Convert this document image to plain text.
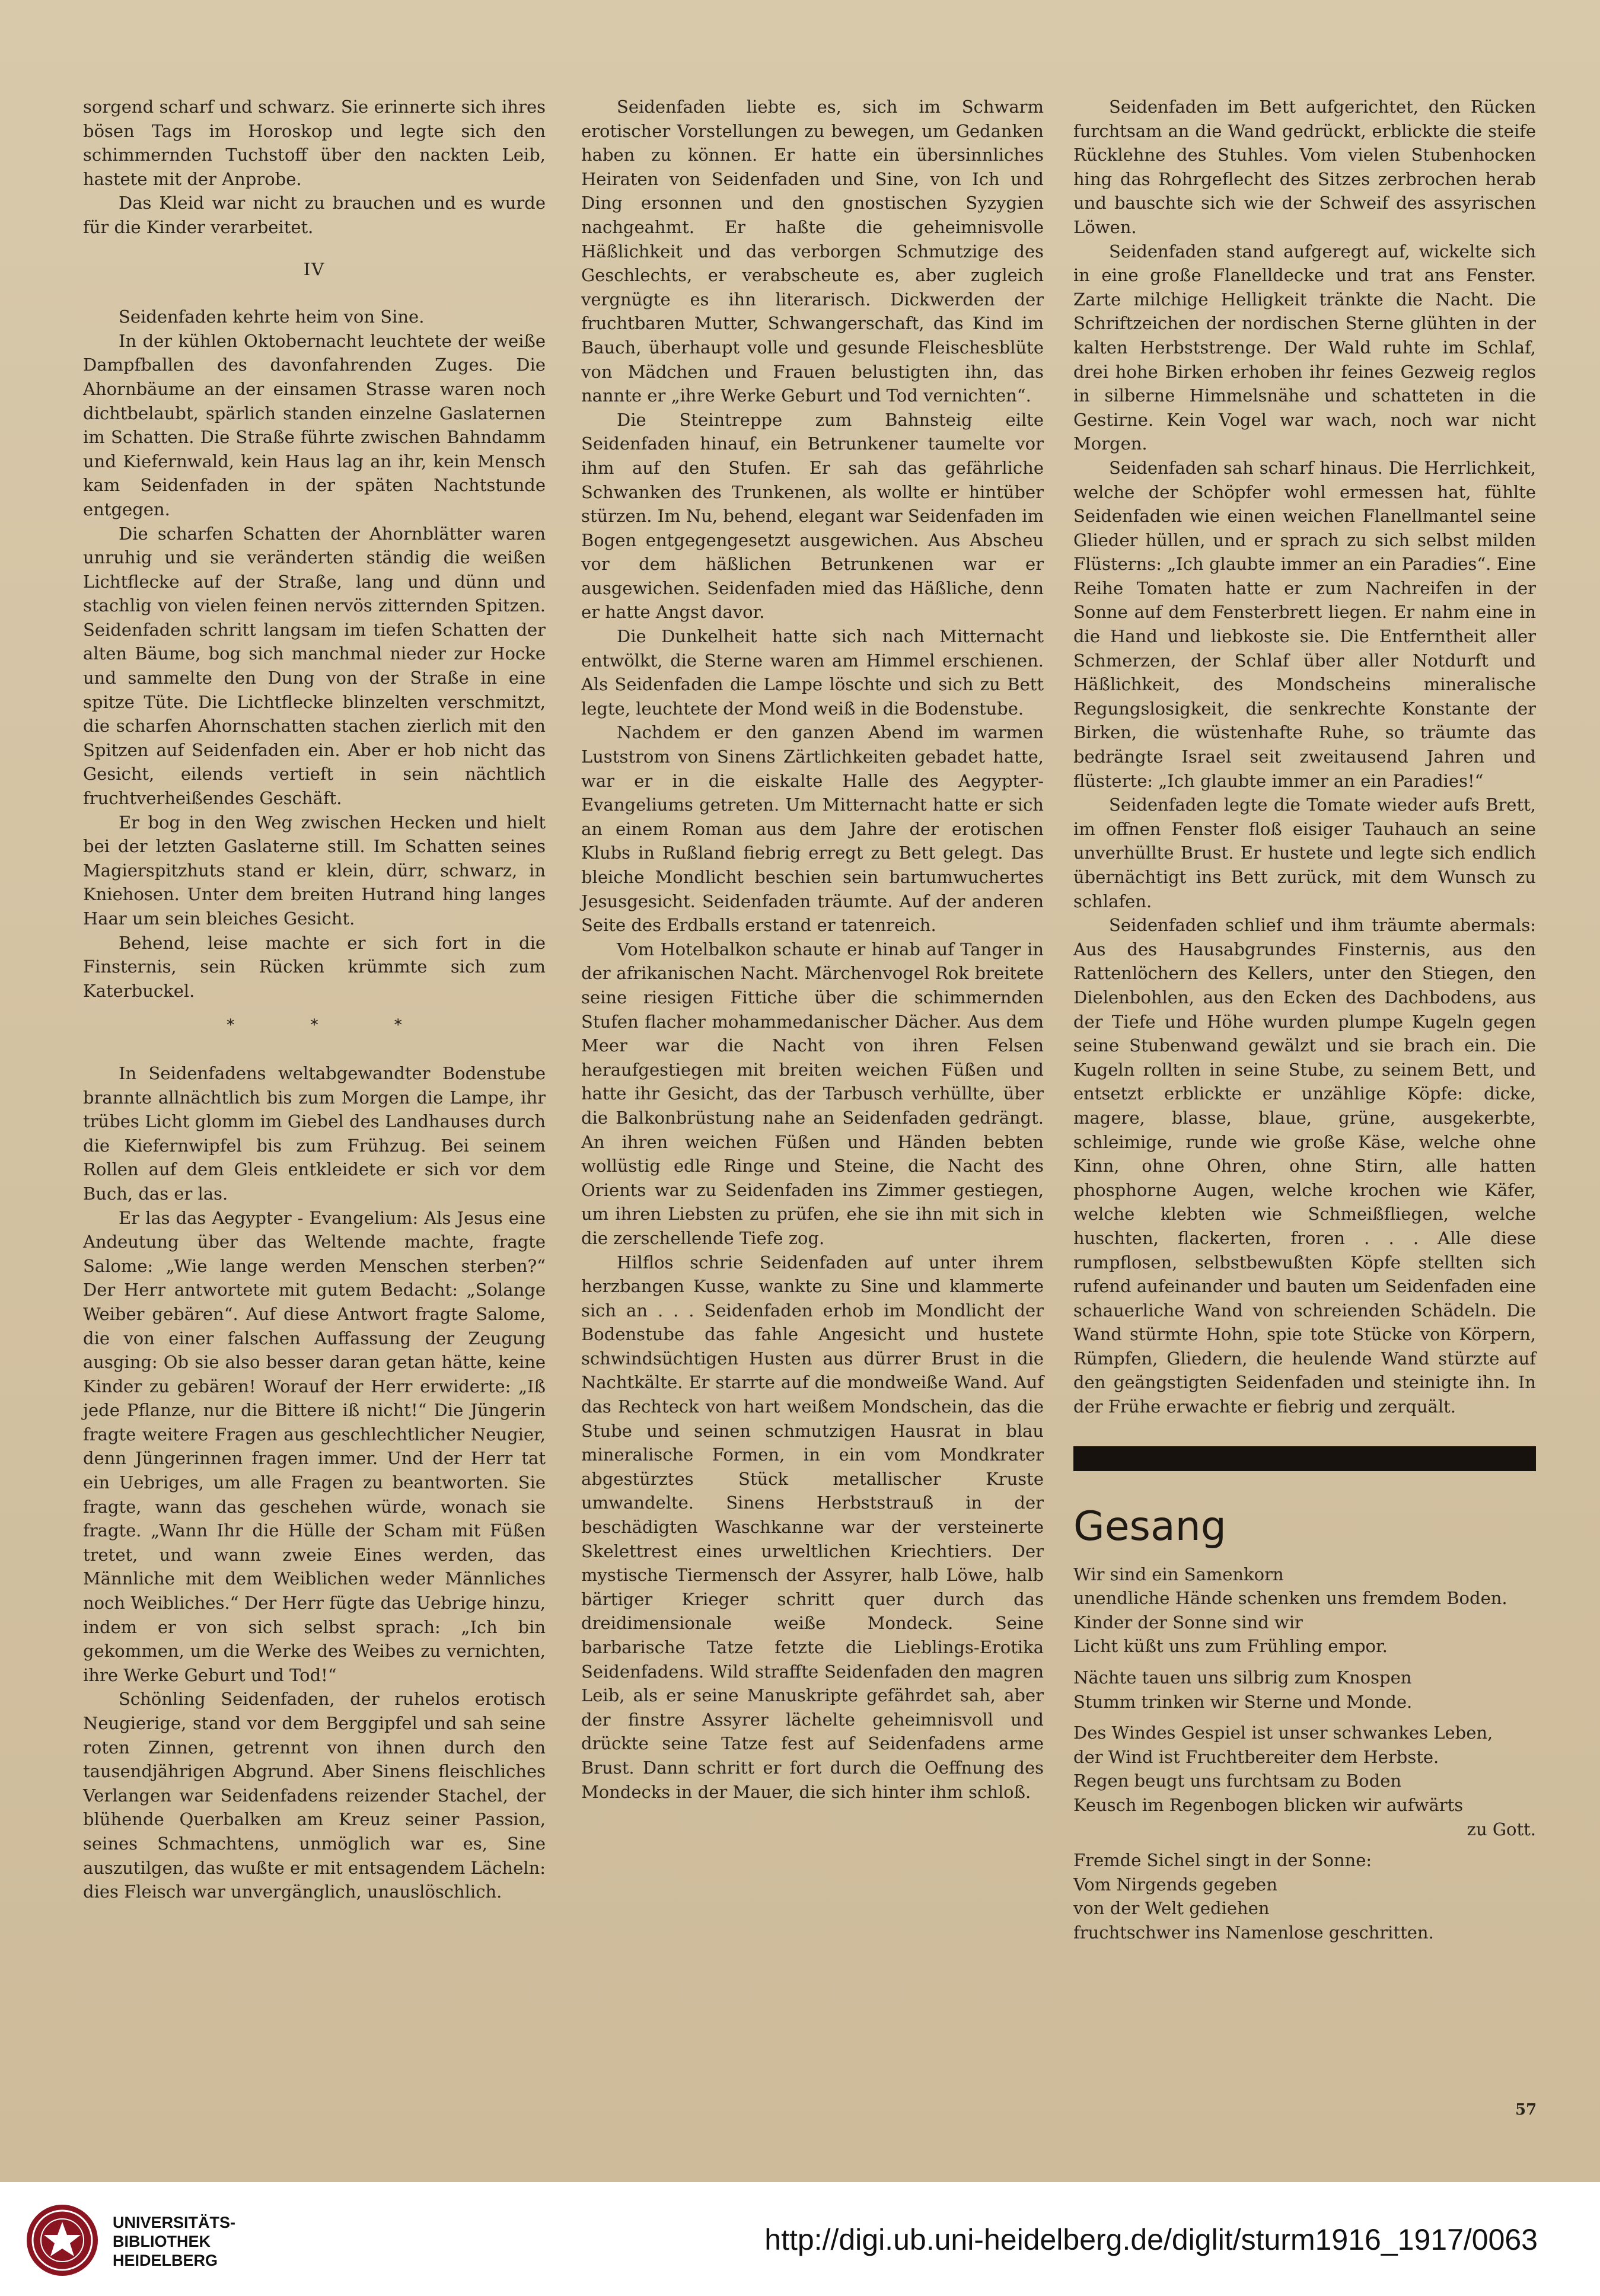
sorgend scharf und schwarz. Sie erinnerte sich ihres bösen Tags im Horoskop und legte sich den schimmernden Tuchstoff über den nackten Leib, hastete mit der Anprobe.

Das Kleid war nicht zu brauchen und es wurde für die Kinder verarbeitet.

IV

Seidenfaden kehrte heim von Sine.

In der kühlen Oktobernacht leuchtete der weiße Dampfballen des davonfahrenden Zuges. Die Ahornbäume an der einsamen Strasse waren noch dichtbelaubt, spärlich standen einzelne Gaslaternen im Schatten. Die Straße führte zwischen Bahndamm und Kiefernwald, kein Haus lag an ihr, kein Mensch kam Seidenfaden in der späten Nachtstunde entgegen.

Die scharfen Schatten der Ahornblätter waren unruhig und sie veränderten ständig die weißen Lichtflecke auf der Straße, lang und dünn und stachlig von vielen feinen nervös zitternden Spitzen. Seidenfaden schritt langsam im tiefen Schatten der alten Bäume, bog sich manchmal nieder zur Hocke und sammelte den Dung von der Straße in eine spitze Tüte. Die Lichtflecke blinzelten verschmitzt, die scharfen Ahornschatten stachen zierlich mit den Spitzen auf Seidenfaden ein. Aber er hob nicht das Gesicht, eilends vertieft in sein nächtlich fruchtverheißendes Geschäft.

Er bog in den Weg zwischen Hecken und hielt bei der letzten Gaslaterne still. Im Schatten seines Magierspitzhuts stand er klein, dürr, schwarz, in Kniehosen. Unter dem breiten Hutrand hing langes Haar um sein bleiches Gesicht.

Behend, leise machte er sich fort in die Finsternis, sein Rücken krümmte sich zum Katerbuckel.

* * *

In Seidenfadens weltabgewandter Bodenstube brannte allnächtlich bis zum Morgen die Lampe, ihr trübes Licht glomm im Giebel des Landhauses durch die Kiefernwipfel bis zum Frühzug. Bei seinem Rollen auf dem Gleis entkleidete er sich vor dem Buch, das er las.

Er las das Aegypter - Evangelium: Als Jesus eine Andeutung über das Weltende machte, fragte Salome: „Wie lange werden Menschen sterben?“ Der Herr antwortete mit gutem Bedacht: „Solange Weiber gebären“. Auf diese Antwort fragte Salome, die von einer falschen Auffassung der Zeugung ausging: Ob sie also besser daran getan hätte, keine Kinder zu gebären! Worauf der Herr erwiderte: „Iß jede Pflanze, nur die Bittere iß nicht!“ Die Jüngerin fragte weitere Fragen aus geschlechtlicher Neugier, denn Jüngerinnen fragen immer. Und der Herr tat ein Uebriges, um alle Fragen zu beantworten. Sie fragte, wann das geschehen würde, wonach sie fragte. „Wann Ihr die Hülle der Scham mit Füßen tretet, und wann zweie Eines werden, das Männliche mit dem Weiblichen weder Männliches noch Weibliches.“ Der Herr fügte das Uebrige hinzu, indem er von sich selbst sprach: „Ich bin gekommen, um die Werke des Weibes zu vernichten, ihre Werke Geburt und Tod!“

Schönling Seidenfaden, der ruhelos erotisch Neugierige, stand vor dem Berggipfel und sah seine roten Zinnen, getrennt von ihnen durch den tausendjährigen Abgrund. Aber Sinens fleischliches Verlangen war Seidenfadens reizender Stachel, der blühende Querbalken am Kreuz seiner Passion, seines Schmachtens, unmöglich war es, Sine auszutilgen, das wußte er mit entsagendem Lächeln: dies Fleisch war unvergänglich, unauslöschlich.

Seidenfaden liebte es, sich im Schwarm erotischer Vorstellungen zu bewegen, um Gedanken haben zu können. Er hatte ein übersinnliches Heiraten von Seidenfaden und Sine, von Ich und Ding ersonnen und den gnostischen Syzygien nachgeahmt. Er haßte die geheimnisvolle Häßlichkeit und das verborgen Schmutzige des Geschlechts, er verabscheute es, aber zugleich vergnügte es ihn literarisch. Dickwerden der fruchtbaren Mutter, Schwangerschaft, das Kind im Bauch, überhaupt volle und gesunde Fleischesblüte von Mädchen und Frauen belustigten ihn, das nannte er „ihre Werke Geburt und Tod vernichten“.

Die Steintreppe zum Bahnsteig eilte Seidenfaden hinauf, ein Betrunkener taumelte vor ihm auf den Stufen. Er sah das gefährliche Schwanken des Trunkenen, als wollte er hintüber stürzen. Im Nu, behend, elegant war Seidenfaden im Bogen entgegengesetzt ausgewichen. Aus Abscheu vor dem häßlichen Betrunkenen war er ausgewichen. Seidenfaden mied das Häßliche, denn er hatte Angst davor.

Die Dunkelheit hatte sich nach Mitternacht entwölkt, die Sterne waren am Himmel erschienen. Als Seidenfaden die Lampe löschte und sich zu Bett legte, leuchtete der Mond weiß in die Bodenstube.

Nachdem er den ganzen Abend im warmen Luststrom von Sinens Zärtlichkeiten gebadet hatte, war er in die eiskalte Halle des Aegypter-Evangeliums getreten. Um Mitternacht hatte er sich an einem Roman aus dem Jahre der erotischen Klubs in Rußland fiebrig erregt zu Bett gelegt. Das bleiche Mondlicht beschien sein bartumwuchertes Jesusgesicht. Seidenfaden träumte. Auf der anderen Seite des Erdballs erstand er tatenreich.

Vom Hotelbalkon schaute er hinab auf Tanger in der afrikanischen Nacht. Märchenvogel Rok breitete seine riesigen Fittiche über die schimmernden Stufen flacher mohammedanischer Dächer. Aus dem Meer war die Nacht von ihren Felsen heraufgestiegen mit breiten weichen Füßen und hatte ihr Gesicht, das der Tarbusch verhüllte, über die Balkonbrüstung nahe an Seidenfaden gedrängt. An ihren weichen Füßen und Händen bebten wollüstig edle Ringe und Steine, die Nacht des Orients war zu Seidenfaden ins Zimmer gestiegen, um ihren Liebsten zu prüfen, ehe sie ihn mit sich in die zerschellende Tiefe zog.

Hilflos schrie Seidenfaden auf unter ihrem herzbangen Kusse, wankte zu Sine und klammerte sich an . . . Seidenfaden erhob im Mondlicht der Bodenstube das fahle Angesicht und hustete schwindsüchtigen Husten aus dürrer Brust in die Nachtkälte. Er starrte auf die mondweiße Wand. Auf das Rechteck von hart weißem Mondschein, das die Stube und seinen schmutzigen Hausrat in blau mineralische Formen, in ein vom Mondkrater abgestürztes Stück metallischer Kruste umwandelte. Sinens Herbststrauß in der beschädigten Waschkanne war der versteinerte Skelettrest eines urweltlichen Kriechtiers. Der mystische Tiermensch der Assyrer, halb Löwe, halb bärtiger Krieger schritt quer durch das dreidimensionale weiße Mondeck. Seine barbarische Tatze fetzte die Lieblings-Erotika Seidenfadens. Wild straffte Seidenfaden den magren Leib, als er seine Manuskripte gefährdet sah, aber der finstre Assyrer lächelte geheimnisvoll und drückte seine Tatze fest auf Seidenfadens arme Brust. Dann schritt er fort durch die Oeffnung des Mondecks in der Mauer, die sich hinter ihm schloß.

Seidenfaden im Bett aufgerichtet, den Rücken furchtsam an die Wand gedrückt, erblickte die steife Rücklehne des Stuhles. Vom vielen Stubenhocken hing das Rohrgeflecht des Sitzes zerbrochen herab und bauschte sich wie der Schweif des assyrischen Löwen.

Seidenfaden stand aufgeregt auf, wickelte sich in eine große Flanelldecke und trat ans Fenster. Zarte milchige Helligkeit tränkte die Nacht. Die Schriftzeichen der nordischen Sterne glühten in der kalten Herbststrenge. Der Wald ruhte im Schlaf, drei hohe Birken erhoben ihr feines Gezweig reglos in silberne Himmelsnähe und schatteten in die Gestirne. Kein Vogel war wach, noch war nicht Morgen.

Seidenfaden sah scharf hinaus. Die Herrlichkeit, welche der Schöpfer wohl ermessen hat, fühlte Seidenfaden wie einen weichen Flanellmantel seine Glieder hüllen, und er sprach zu sich selbst milden Flüsterns: „Ich glaubte immer an ein Paradies“. Eine Reihe Tomaten hatte er zum Nachreifen in der Sonne auf dem Fensterbrett liegen. Er nahm eine in die Hand und liebkoste sie. Die Entferntheit aller Schmerzen, der Schlaf über aller Notdurft und Häßlichkeit, des Mondscheins mineralische Regungslosigkeit, die senkrechte Konstante der Birken, die wüstenhafte Ruhe, so träumte das bedrängte Israel seit zweitausend Jahren und flüsterte: „Ich glaubte immer an ein Paradies!“

Seidenfaden legte die Tomate wieder aufs Brett, im offnen Fenster floß eisiger Tauhauch an seine unverhüllte Brust. Er hustete und legte sich endlich übernächtigt ins Bett zurück, mit dem Wunsch zu schlafen.

Seidenfaden schlief und ihm träumte abermals: Aus des Hausabgrundes Finsternis, aus den Rattenlöchern des Kellers, unter den Stiegen, den Dielenbohlen, aus den Ecken des Dachbodens, aus der Tiefe und Höhe wurden plumpe Kugeln gegen seine Stubenwand gewälzt und sie brach ein. Die Kugeln rollten in seine Stube, zu seinem Bett, und entsetzt erblickte er unzählige Köpfe: dicke, magere, blasse, blaue, grüne, ausgekerbte, schleimige, runde wie große Käse, welche ohne Kinn, ohne Ohren, ohne Stirn, alle hatten phosphorne Augen, welche krochen wie Käfer, welche klebten wie Schmeißfliegen, welche huschten, flackerten, froren . . . Alle diese rumpflosen, selbstbewußten Köpfe stellten sich rufend aufeinander und bauten um Seidenfaden eine schauerliche Wand von schreienden Schädeln. Die Wand stürmte Hohn, spie tote Stücke von Körpern, Rümpfen, Gliedern, die heulende Wand stürzte auf den geängstigten Seidenfaden und steinigte ihn. In der Frühe erwachte er fiebrig und zerquält.

Gesang
Wir sind ein Samenkorn
unendliche Hände schenken uns fremdem Boden.
Kinder der Sonne sind wir
Licht küßt uns zum Frühling empor.
Nächte tauen uns silbrig zum Knospen
Stumm trinken wir Sterne und Monde.
Des Windes Gespiel ist unser schwankes Leben,
der Wind ist Fruchtbereiter dem Herbste.
Regen beugt uns furchtsam zu Boden
Keusch im Regenbogen blicken wir aufwärts
zu Gott.
Fremde Sichel singt in der Sonne:
Vom Nirgends gegeben
von der Welt gediehen
fruchtschwer ins Namenlose geschritten.
57
UNIVERSITÄTS-
BIBLIOTHEK
HEIDELBERG
http://digi.ub.uni-heidelberg.de/diglit/sturm1916_1917/0063
